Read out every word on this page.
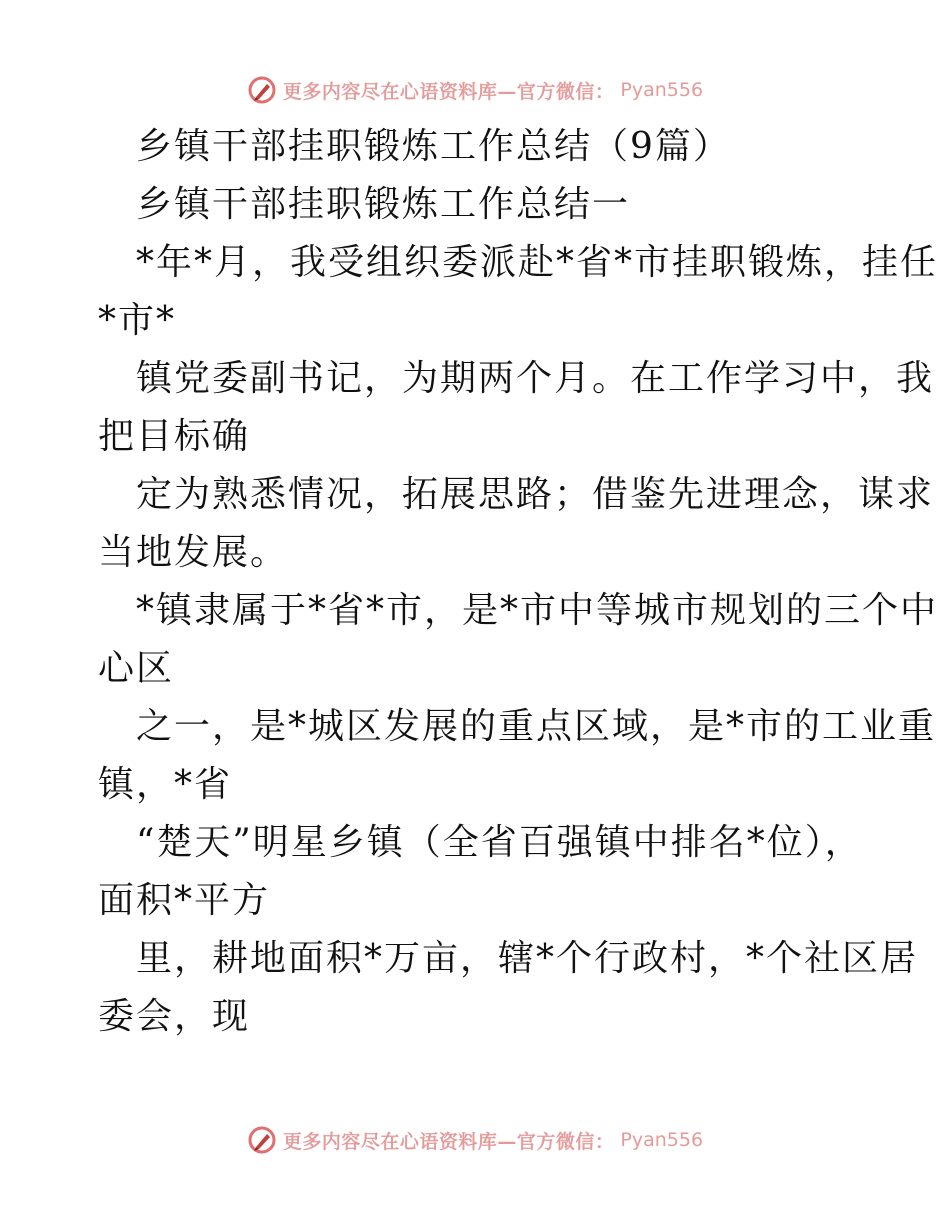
更多内容尽在心语资料库—官方微信： Pyan556
乡镇干部挂职锻炼工作总结（9篇）
乡镇干部挂职锻炼工作总结一
*年*月，我受组织委派赴*省*市挂职锻炼，挂任
*市*
镇党委副书记，为期两个月。在工作学习中，我
把目标确
定为熟悉情况，拓展思路；借鉴先进理念，谋求
当地发展。
*镇隶属于*省*市，是*市中等城市规划的三个中
心区
之一，是*城区发展的重点区域，是*市的工业重
镇，*省
“楚天”明星乡镇（全省百强镇中排名*位），
面积*平方
里，耕地面积*万亩，辖*个行政村，*个社区居
委会，现
更多内容尽在心语资料库—官方微信： Pyan556
